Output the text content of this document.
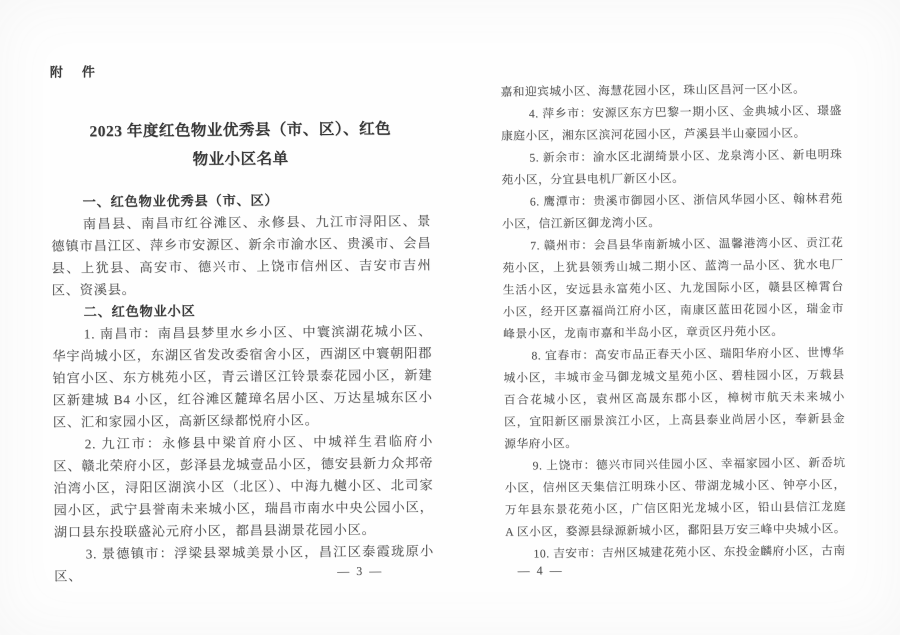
附　件
2023 年度红色物业优秀县（市、区）、红色
物业小区名单

一、红色物业优秀县（市、区）

南昌县、南昌市红谷滩区、永修县、九江市浔阳区、景德镇市昌江区、萍乡市安源区、新余市渝水区、贵溪市、会昌县、上犹县、高安市、德兴市、上饶市信州区、吉安市吉州区、资溪县。

二、红色物业小区

1. 南昌市：南昌县梦里水乡小区、中寰滨湖花城小区、华宇尚城小区，东湖区省发改委宿舍小区，西湖区中寰朝阳郡铂宫小区、东方桃苑小区，青云谱区江铃景泰花园小区，新建区新建城 B4 小区，红谷滩区麓璋名居小区、万达星城东区小区、汇和家园小区，高新区绿都悦府小区。

2. 九江市：永修县中梁首府小区、中城祥生君临府小区、赣北荣府小区，彭泽县龙城壹品小区，德安县新力众邦帝泊湾小区，浔阳区湖滨小区（北区）、中海九樾小区、北司家园小区，武宁县誉南未来城小区，瑞昌市南水中央公园小区，湖口县东投联盛沁元府小区，都昌县湖景花园小区。

3. 景德镇市：浮梁县翠城美景小区，昌江区泰霞珑原小区、	— 3 —

嘉和迎宾城小区、海慧花园小区，珠山区昌河一区小区。

4. 萍乡市：安源区东方巴黎一期小区、金典城小区、璟盛康庭小区，湘东区滨河花园小区，芦溪县半山豪园小区。

5. 新余市：渝水区北湖绮景小区、龙泉湾小区、新电明珠苑小区，分宜县电机厂新区小区。

6. 鹰潭市：贵溪市御园小区、浙信风华园小区、翰林君苑小区，信江新区御龙湾小区。

7. 赣州市：会昌县华南新城小区、温馨港湾小区、贡江花苑小区，上犹县领秀山城二期小区、蓝湾一品小区、犹水电厂生活小区，安远县永富苑小区、九龙国际小区，赣县区樟霄台小区，经开区嘉福尚江府小区，南康区蓝田花园小区，瑞金市峰景小区，龙南市嘉和半岛小区，章贡区丹苑小区。

8. 宜春市：高安市品正春天小区、瑞阳华府小区、世博华城小区，丰城市金马御龙城文星苑小区、碧桂园小区，万载县百合花城小区，袁州区高晟东郡小区，樟树市航天未来城小区，宜阳新区丽景滨江小区，上高县泰业尚居小区，奉新县金源华府小区。

9. 上饶市：德兴市同兴佳园小区、幸福家园小区、新岙坑小区，信州区天集信江明珠小区、带湖龙城小区、钟亭小区，万年县东景花苑小区，广信区阳光龙城小区，铅山县信江龙庭 A 区小区，婺源县绿源新城小区，鄱阳县万安三峰中央城小区。

10. 吉安市：吉州区城建花苑小区、东投金麟府小区，古南

— 4 —
